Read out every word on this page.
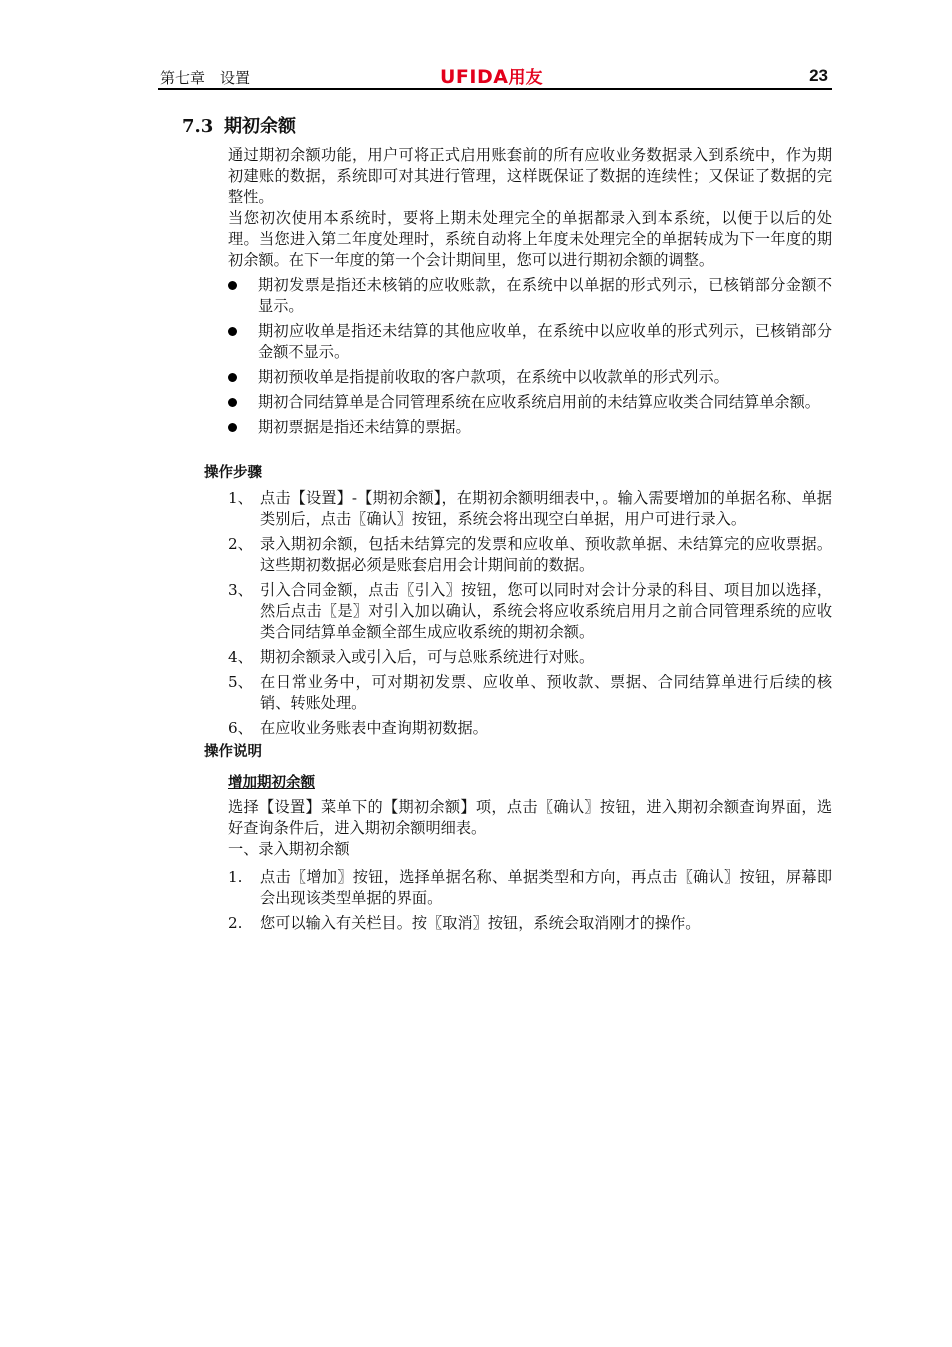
第七章　设置	UFIDA用友	23
7.3 期初余额

通过期初余额功能，用户可将正式启用账套前的所有应收业务数据录入到系统中，作为期初建账的数据，系统即可对其进行管理，这样既保证了数据的连续性；又保证了数据的完整性。

当您初次使用本系统时，要将上期未处理完全的单据都录入到本系统，以便于以后的处理。当您进入第二年度处理时，系统自动将上年度未处理完全的单据转成为下一年度的期初余额。在下一年度的第一个会计期间里，您可以进行期初余额的调整。

期初发票是指还未核销的应收账款，在系统中以单据的形式列示，已核销部分金额不显示。
期初应收单是指还未结算的其他应收单，在系统中以应收单的形式列示，已核销部分金额不显示。
期初预收单是指提前收取的客户款项，在系统中以收款单的形式列示。
期初合同结算单是合同管理系统在应收系统启用前的未结算应收类合同结算单余额。
期初票据是指还未结算的票据。
操作步骤
1、 点击【设置】-【期初余额】，在期初余额明细表中，。输入需要增加的单据名称、单据类别后，点击〖确认〗按钮，系统会将出现空白单据，用户可进行录入。
2、 录入期初余额，包括未结算完的发票和应收单、预收款单据、未结算完的应收票据。这些期初数据必须是账套启用会计期间前的数据。
3、 引入合同金额，点击〖引入〗按钮，您可以同时对会计分录的科目、项目加以选择，然后点击〖是〗对引入加以确认，系统会将应收系统启用月之前合同管理系统的应收类合同结算单金额全部生成应收系统的期初余额。
4、 期初余额录入或引入后，可与总账系统进行对账。
5、 在日常业务中，可对期初发票、应收单、预收款、票据、合同结算单进行后续的核销、转账处理。
6、 在应收业务账表中查询期初数据。
操作说明
增加期初余额

选择【设置】菜单下的【期初余额】项，点击〖确认〗按钮，进入期初余额查询界面，选好查询条件后，进入期初余额明细表。

一、录入期初余额

1. 点击〖增加〗按钮，选择单据名称、单据类型和方向，再点击〖确认〗按钮，屏幕即会出现该类型单据的界面。
2. 您可以输入有关栏目。按〖取消〗按钮，系统会取消刚才的操作。
